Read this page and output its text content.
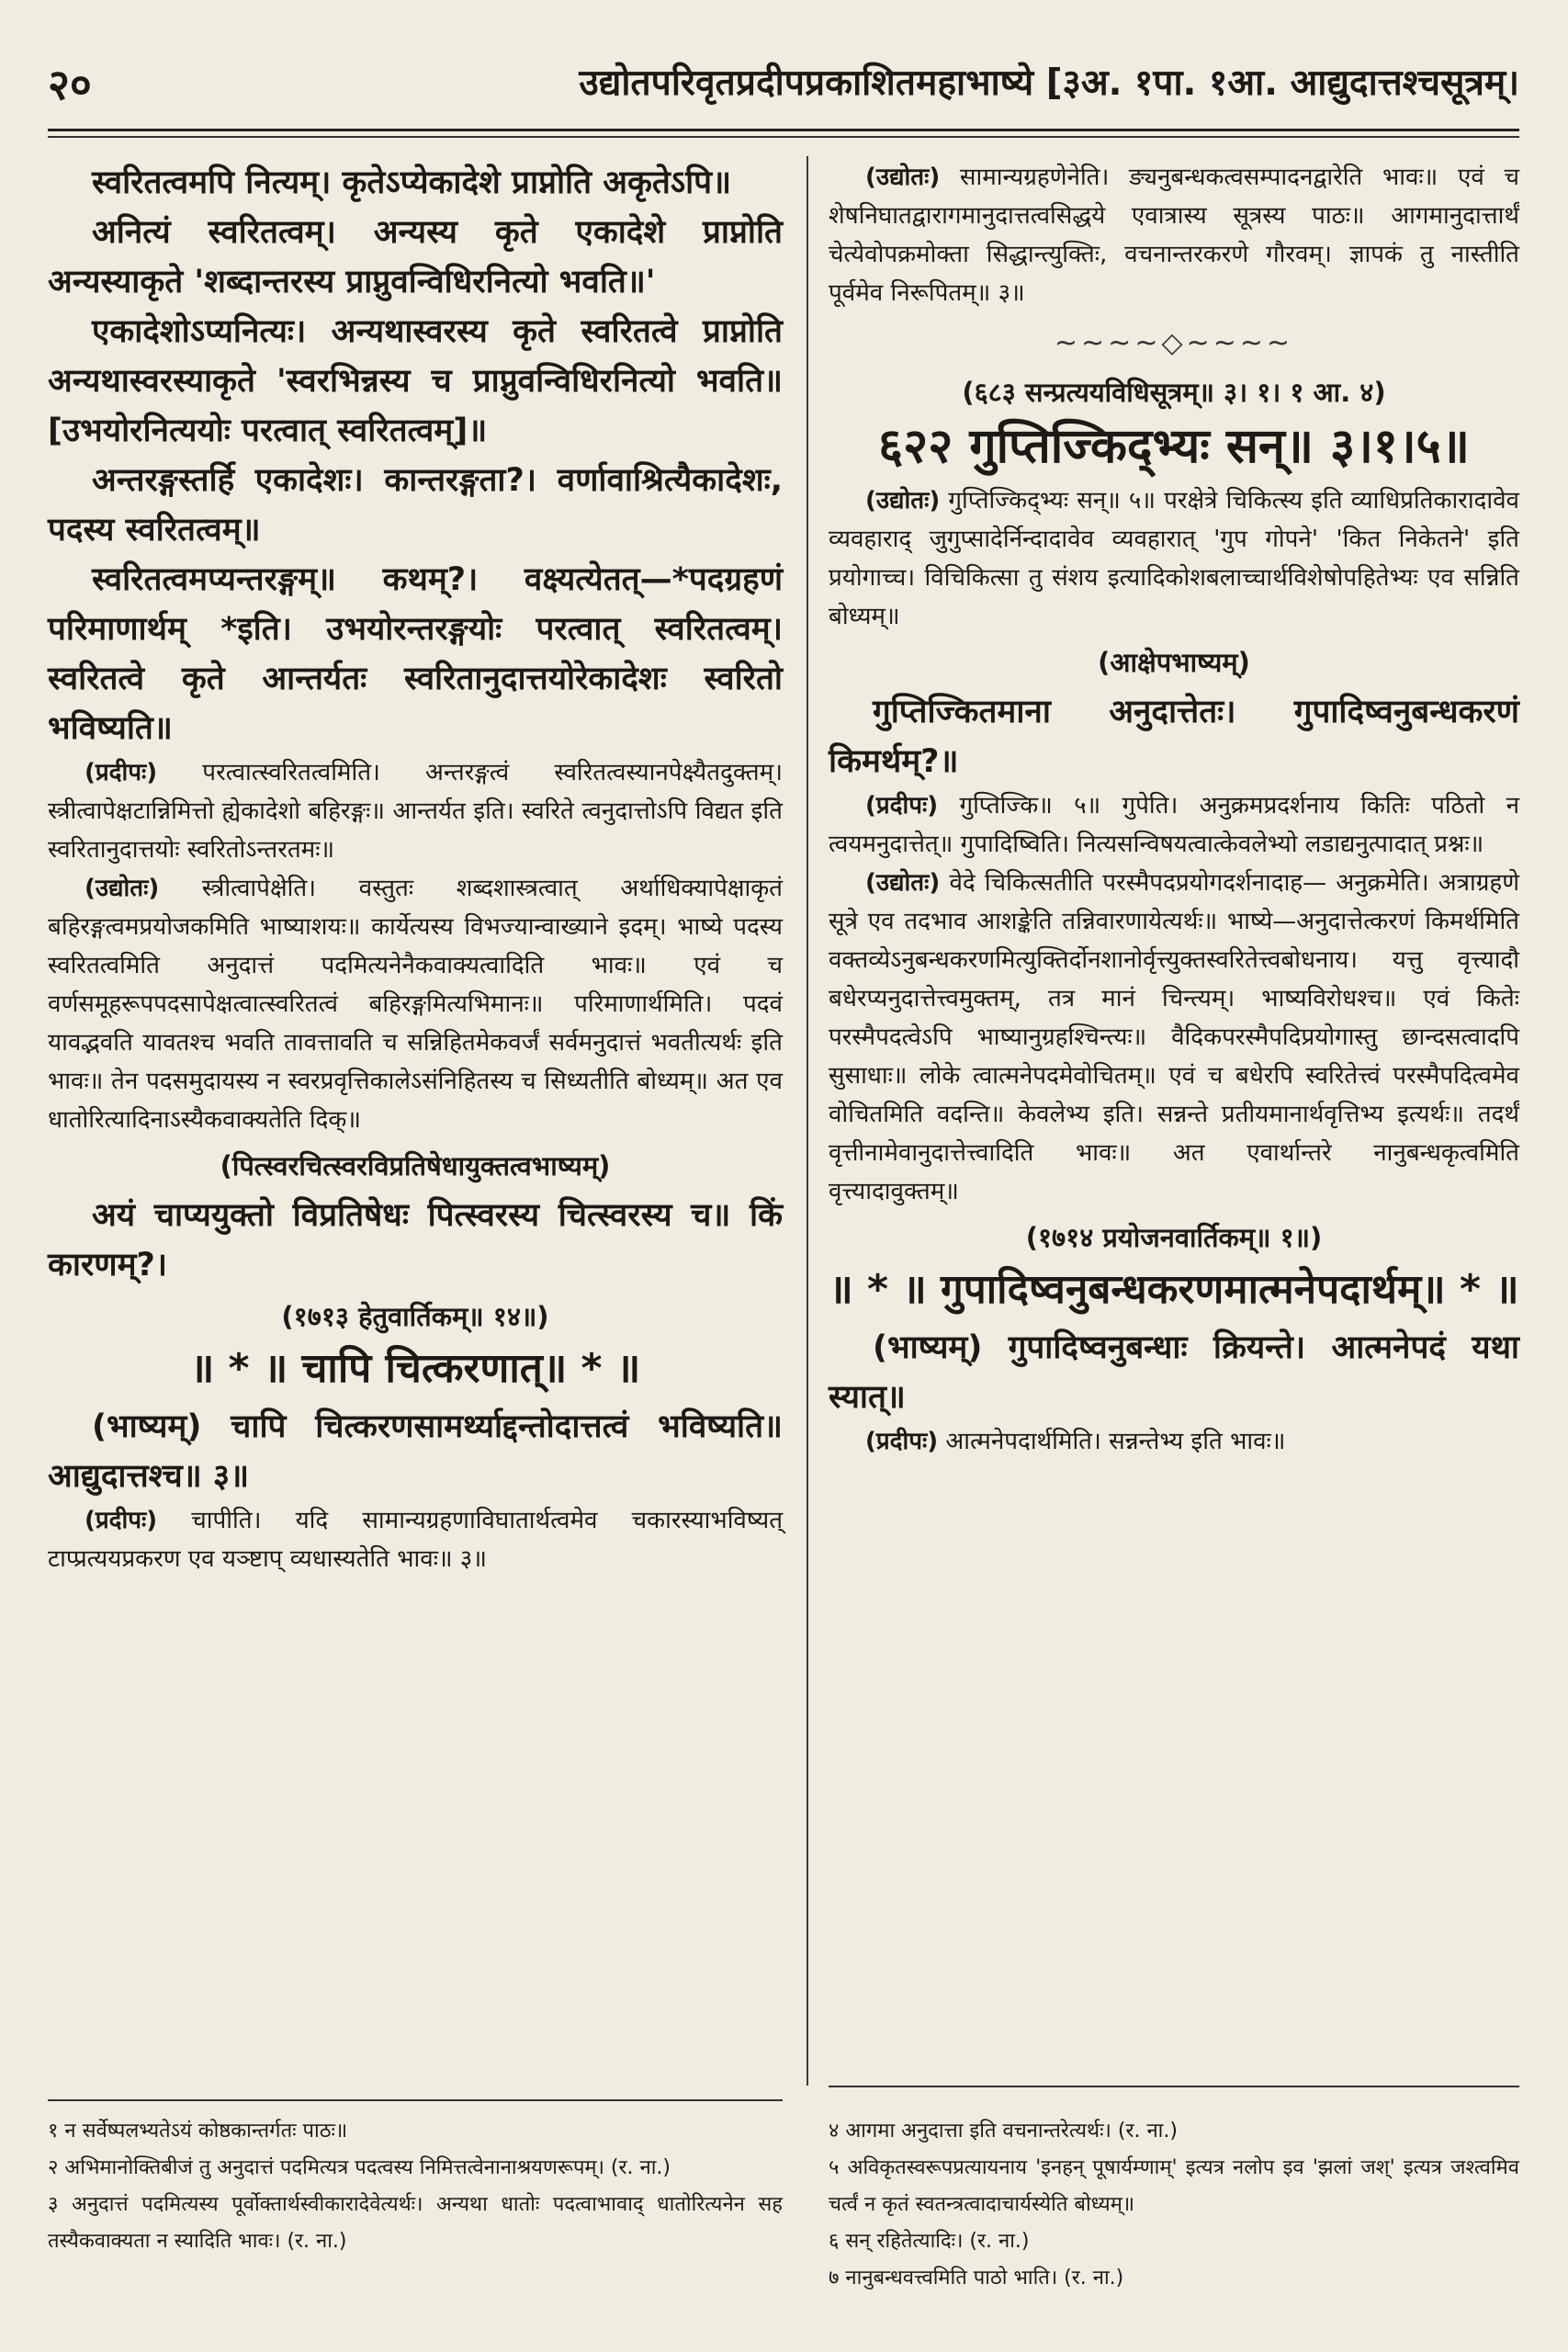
२०	उद्योतपरिवृतप्रदीपप्रकाशितमहाभाष्ये [३अ. १पा. १आ. आद्युदात्तश्चसूत्रम्।

स्वरितत्वमपि नित्यम्। कृतेऽप्येकादेशे प्राप्नोति अकृतेऽपि॥

अनित्यं स्वरितत्वम्। अन्यस्य कृते एकादेशे प्राप्नोति अन्यस्याकृते 'शब्दान्तरस्य प्राप्नुवन्विधिरनित्यो भवति॥'

एकादेशोऽप्यनित्यः। अन्यथास्वरस्य कृते स्वरितत्वे प्राप्नोति अन्यथास्वरस्याकृते 'स्वरभिन्नस्य च प्राप्नुवन्विधिरनित्यो भवति॥ [उभयोरनित्ययोः परत्वात् स्वरितत्वम्]॥

अन्तरङ्गस्तर्हि एकादेशः। कान्तरङ्गता?। वर्णावाश्रित्यैकादेशः, पदस्य स्वरितत्वम्॥

स्वरितत्वमप्यन्तरङ्गम्॥ कथम्?। वक्ष्यत्येतत्—*पदग्रहणं परिमाणार्थम् *इति। उभयोरन्तरङ्गयोः परत्वात् स्वरितत्वम्। स्वरितत्वे कृते आन्तर्यतः स्वरितानुदात्तयोरेकादेशः स्वरितो भविष्यति॥

(प्रदीपः) परत्वात्स्वरितत्वमिति। अन्तरङ्गत्वं स्वरितत्वस्यानपेक्ष्यैतदुक्तम्। स्त्रीत्वापेक्षटान्निमित्तो ह्येकादेशो बहिरङ्गः॥ आन्तर्यत इति। स्वरिते त्वनुदात्तोऽपि विद्यत इति स्वरितानुदात्तयोः स्वरितोऽन्तरतमः॥

(उद्योतः) स्त्रीत्वापेक्षेति। वस्तुतः शब्दशास्त्रत्वात् अर्थाधिक्यापेक्षाकृतं बहिरङ्गत्वमप्रयोजकमिति भाष्याशयः॥ कार्येत्यस्य विभज्यान्वाख्याने इदम्। भाष्ये पदस्य स्वरितत्वमिति अनुदात्तं पदमित्यनेनैकवाक्यत्वादिति भावः॥ एवं च वर्णसमूहरूपपदसापेक्षत्वात्स्वरितत्वं बहिरङ्गमित्यभिमानः॥ परिमाणार्थमिति। पदवं यावद्भवति यावतश्च भवति तावत्तावति च सन्निहितमेकवर्जं सर्वमनुदात्तं भवतीत्यर्थः इति भावः॥ तेन पदसमुदायस्य न स्वरप्रवृत्तिकालेऽसंनिहितस्य च सिध्यतीति बोध्यम्॥ अत एव धातोरित्यादिनाऽस्यैकवाक्यतेति दिक्॥

(पित्स्वरचित्स्वरविप्रतिषेधायुक्तत्वभाष्यम्)

अयं चाप्ययुक्तो विप्रतिषेधः पित्स्वरस्य चित्स्वरस्य च॥ किं कारणम्?।

(१७१३ हेतुवार्तिकम्॥ १४॥)

॥ * ॥ चापि चित्करणात्॥ * ॥

(भाष्यम्) चापि चित्करणसामर्थ्याद्दन्तोदात्तत्वं भविष्यति॥ आद्युदात्तश्च॥ ३॥

(प्रदीपः) चापीति। यदि सामान्यग्रहणाविघातार्थत्वमेव चकारस्याभविष्यत् टाप्प्रत्ययप्रकरण एव यञ्ष्टाप् व्यधास्यतेति भावः॥ ३॥

(उद्योतः) सामान्यग्रहणेनेति। ङ्यनुबन्धकत्वसम्पादनद्वारेति भावः॥ एवं च शेषनिघातद्वारागमानुदात्तत्वसिद्धये एवात्रास्य सूत्रस्य पाठः॥ आगमानुदात्तार्थं चेत्येवोपक्रमोक्ता सिद्धान्त्युक्तिः, वचनान्तरकरणे गौरवम्। ज्ञापकं तु नास्तीति पूर्वमेव निरूपितम्॥ ३॥

~~~~◇~~~~

(६८३ सन्प्रत्ययविधिसूत्रम्॥ ३। १। १ आ. ४)

६२२ गुप्तिज्किद्भ्यः सन्॥ ३।१।५॥

(उद्योतः) गुप्तिज्किद्भ्यः सन्॥ ५॥ परक्षेत्रे चिकित्स्य इति व्याधिप्रतिकारादावेव व्यवहाराद् जुगुप्सादेर्निन्दादावेव व्यवहारात् 'गुप गोपने' 'कित निकेतने' इति प्रयोगाच्च। विचिकित्सा तु संशय इत्यादिकोशबलाच्चार्थविशेषोपहितेभ्यः एव सन्निति बोध्यम्॥

(आक्षेपभाष्यम्)

गुप्तिज्कितमाना अनुदात्तेतः। गुपादिष्वनुबन्धकरणं किमर्थम्?॥

(प्रदीपः) गुप्तिज्कि॥ ५॥ गुपेति। अनुक्रमप्रदर्शनाय कितिः पठितो न त्वयमनुदात्तेत्॥ गुपादिष्विति। नित्यसन्विषयत्वात्केवलेभ्यो लडाद्यनुत्पादात् प्रश्नः॥

(उद्योतः) वेदे चिकित्सतीति परस्मैपदप्रयोगदर्शनादाह— अनुक्रमेति। अत्राग्रहणे सूत्रे एव तदभाव आशङ्केति तन्निवारणायेत्यर्थः॥ भाष्ये—अनुदात्तेत्करणं किमर्थमिति वक्तव्येऽनुबन्धकरणमित्युक्तिर्दोनशानोर्वृत्त्युक्तस्वरितेत्त्वबोधनाय। यत्तु वृत्त्यादौ बधेरप्यनुदात्तेत्त्वमुक्तम्, तत्र मानं चिन्त्यम्। भाष्यविरोधश्च॥ एवं कितेः परस्मैपदत्वेऽपि भाष्यानुग्रहश्चिन्त्यः॥ वैदिकपरस्मैपदिप्रयोगास्तु छान्दसत्वादपि सुसाधाः॥ लोके त्वात्मनेपदमेवोचितम्॥ एवं च बधेरपि स्वरितेत्त्वं परस्मैपदित्वमेव वोचितमिति वदन्ति॥ केवलेभ्य इति। सन्नन्ते प्रतीयमानार्थवृत्तिभ्य इत्यर्थः॥ तदर्थं वृत्तीनामेवानुदात्तेत्त्वादिति भावः॥ अत एवार्थान्तरे नानुबन्धकृत्वमिति वृत्त्यादावुक्तम्॥

(१७१४ प्रयोजनवार्तिकम्॥ १॥)

॥ * ॥ गुपादिष्वनुबन्धकरणमात्मनेपदार्थम्॥ * ॥

(भाष्यम्) गुपादिष्वनुबन्धाः क्रियन्ते। आत्मनेपदं यथा स्यात्॥

(प्रदीपः) आत्मनेपदार्थमिति। सन्नन्तेभ्य इति भावः॥

१ न सर्वेष्पलभ्यतेऽयं कोष्ठकान्तर्गतः पाठः॥

२ अभिमानोक्तिबीजं तु अनुदात्तं पदमित्यत्र पदत्वस्य निमित्तत्वेनानाश्रयणरूपम्। (र. ना.)

३ अनुदात्तं पदमित्यस्य पूर्वोक्तार्थस्वीकारादेवेत्यर्थः। अन्यथा धातोः पदत्वाभावाद् धातोरित्यनेन सह तस्यैकवाक्यता न स्यादिति भावः। (र. ना.)

४ आगमा अनुदात्ता इति वचनान्तरेत्यर्थः। (र. ना.)

५ अविकृतस्वरूपप्रत्यायनाय 'इनहन् पूषार्यम्णाम्' इत्यत्र नलोप इव 'झलां जश्' इत्यत्र जश्त्वमिव चर्त्वं न कृतं स्वतन्त्रत्वादाचार्यस्येति बोध्यम्॥

६ सन् रहितेत्यादिः। (र. ना.)

७ नानुबन्धवत्त्वमिति पाठो भाति। (र. ना.)
